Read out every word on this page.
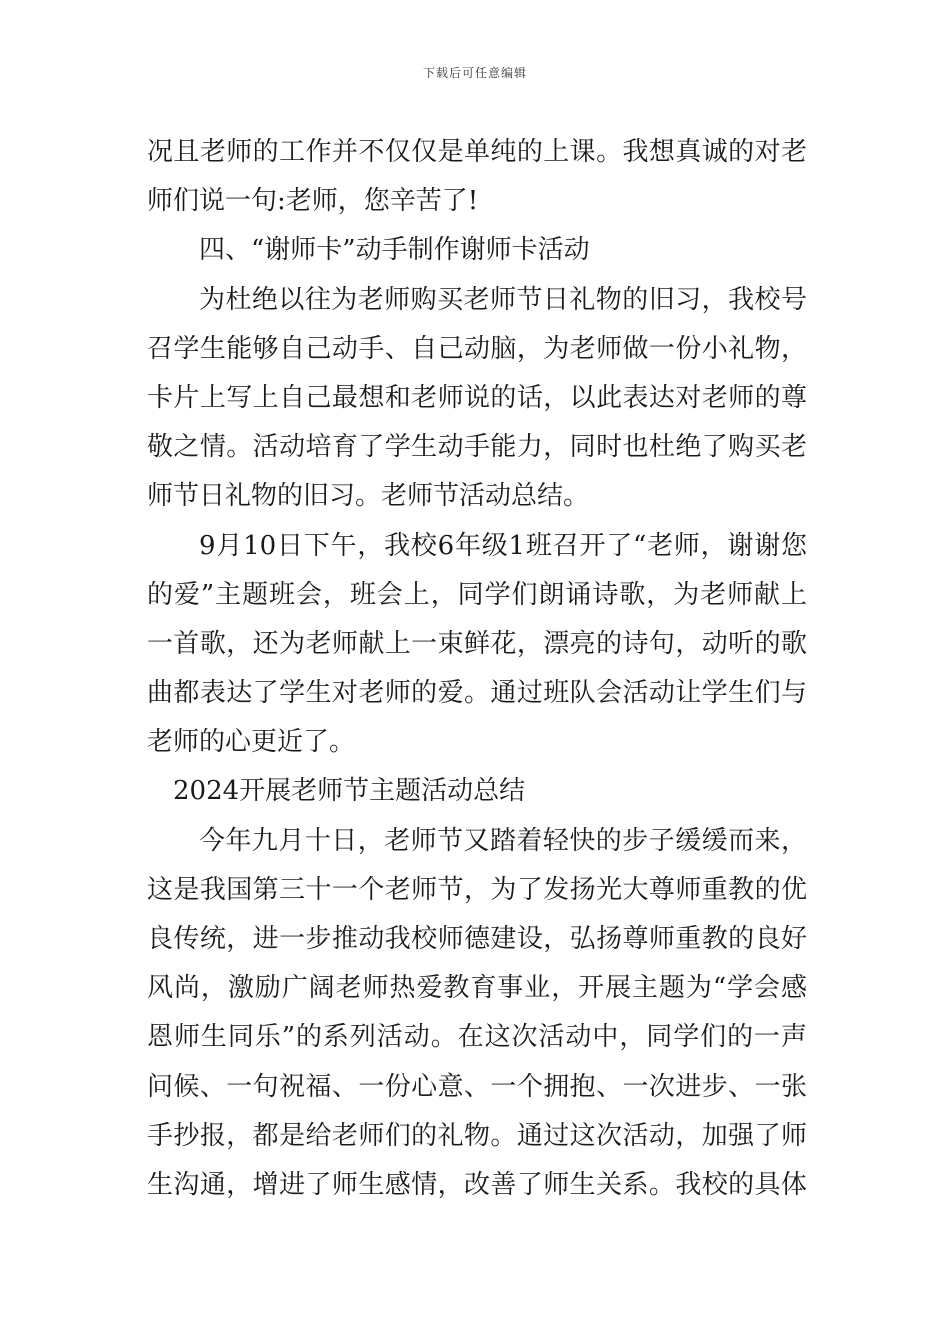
下载后可任意编辑
况且老师的工作并不仅仅是单纯的上课。我想真诚的对老
师们说一句:老师，您辛苦了!
四、“谢师卡”动手制作谢师卡活动
为杜绝以往为老师购买老师节日礼物的旧习，我校号
召学生能够自己动手、自己动脑，为老师做一份小礼物，
卡片上写上自己最想和老师说的话，以此表达对老师的尊
敬之情。活动培育了学生动手能力，同时也杜绝了购买老
师节日礼物的旧习。老师节活动总结。
9月10日下午，我校6年级1班召开了“老师，谢谢您
的爱”主题班会，班会上，同学们朗诵诗歌，为老师献上
一首歌，还为老师献上一束鲜花，漂亮的诗句，动听的歌
曲都表达了学生对老师的爱。通过班队会活动让学生们与
老师的心更近了。
2024开展老师节主题活动总结
今年九月十日，老师节又踏着轻快的步子缓缓而来，
这是我国第三十一个老师节，为了发扬光大尊师重教的优
良传统，进一步推动我校师德建设，弘扬尊师重教的良好
风尚，激励广阔老师热爱教育事业，开展主题为“学会感
恩师生同乐”的系列活动。在这次活动中，同学们的一声
问候、一句祝福、一份心意、一个拥抱、一次进步、一张
手抄报，都是给老师们的礼物。通过这次活动，加强了师
生沟通，增进了师生感情，改善了师生关系。我校的具体
